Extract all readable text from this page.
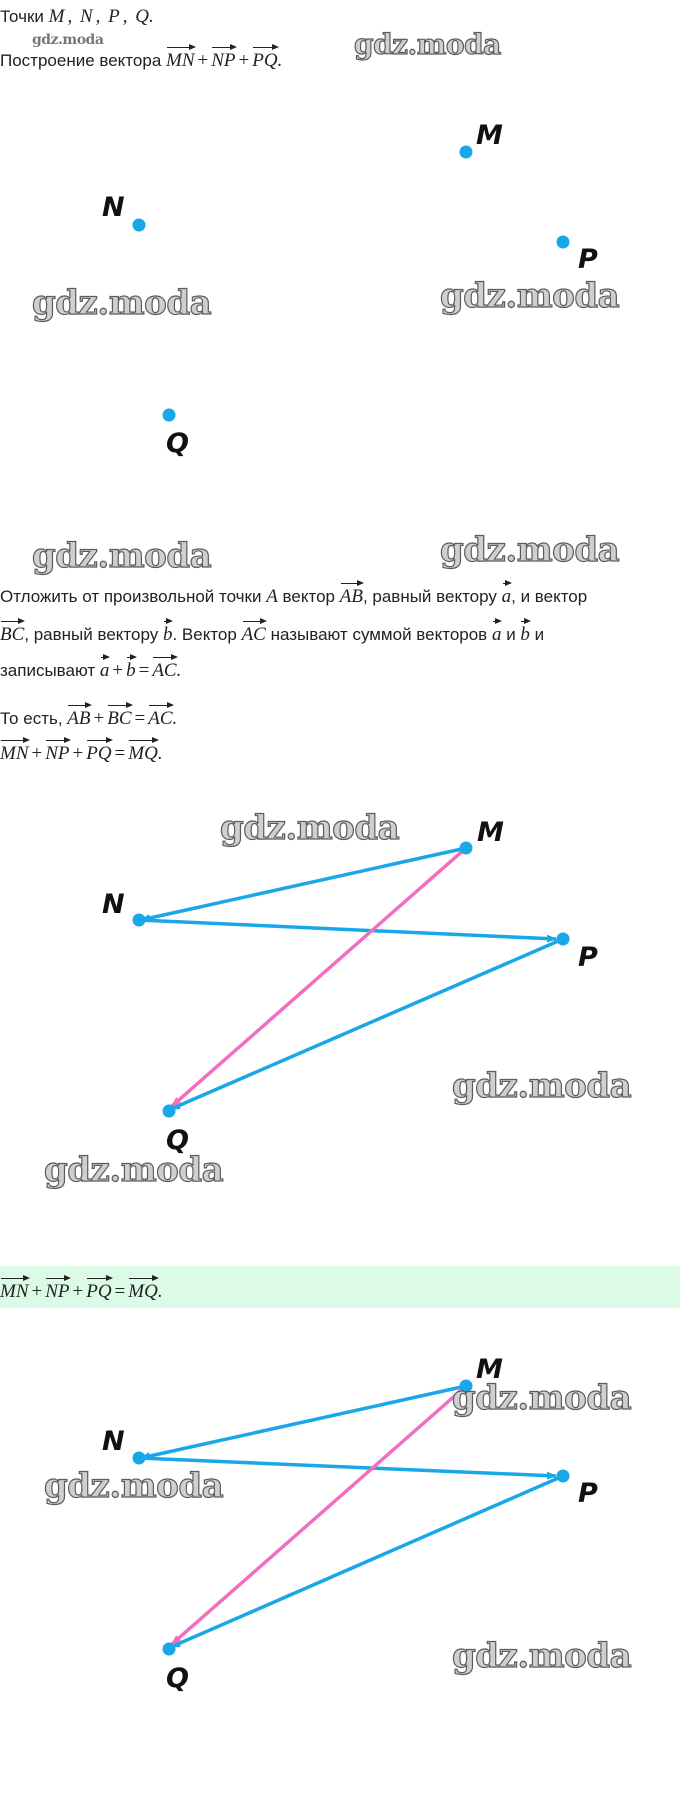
Точки M , N , P , Q.
gdz.moda
Построение вектора MN + NP + PQ.	gdz.moda
M
N
P
Q
gdz.moda	gdz.moda
gdz.moda	gdz.moda
Отложить от произвольной точки A вектор AB, равный вектору a, и вектор
BC, равный вектору b. Вектор AC называют суммой векторов a и b и
записывают a + b = AC.
То есть, AB + BC = AC.
MN + NP + PQ = MQ.
M
N
P
Q
gdz.moda
gdz.moda
gdz.moda
MN + NP + PQ = MQ.
M
N
P
Q
gdz.moda
gdz.moda
gdz.moda
